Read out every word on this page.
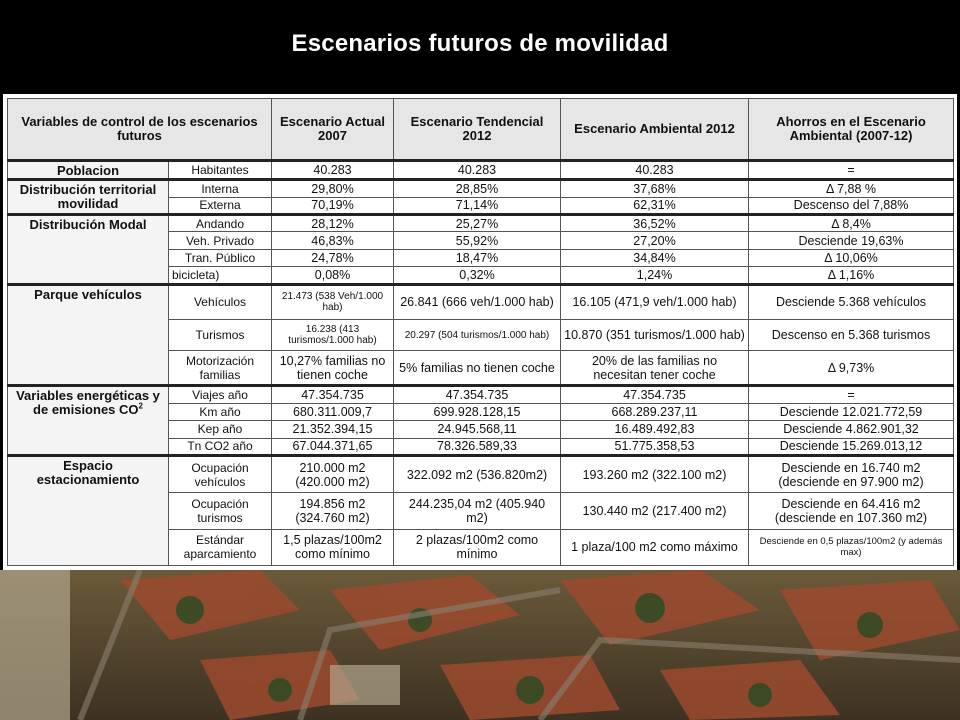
Escenarios futuros de movilidad
Variables de control de los escenarios futuros		Escenario Actual 2007	Escenario Tendencial 2012	Escenario Ambiental 2012	Ahorros en el Escenario Ambiental (2007-12)
Poblacion	Habitantes	40.283	40.283	40.283	=
Distribución territorial movilidad	Interna	29,80%	28,85%	37,68%	Δ 7,88 %
	Externa	70,19%	71,14%	62,31%	Descenso del 7,88%
Distribución Modal	Andando	28,12%	25,27%	36,52%	Δ 8,4%
	Veh. Privado	46,83%	55,92%	27,20%	Desciende 19,63%
	Tran. Público	24,78%	18,47%	34,84%	Δ 10,06%
	bicicleta)	0,08%	0,32%	1,24%	Δ 1,16%
Parque vehículos	Vehículos	21.473 (538 Veh/1.000 hab)	26.841 (666 veh/1.000 hab)	16.105 (471,9 veh/1.000 hab)	Desciende 5.368 vehículos
	Turismos	16.238 (413 turismos/1.000 hab)	20.297 (504 turismos/1.000 hab)	10.870 (351 turismos/1.000 hab)	Descenso en 5.368 turismos
	Motorización familias	10,27% familias no tienen coche	5% familias no tienen coche	20% de las familias no necesitan tener coche	Δ 9,73%
Variables energéticas y de emisiones $CO^2$	Viajes año	47.354.735	47.354.735	47.354.735	=
	Km año	680.311.009,7	699.928.128,15	668.289.237,11	Desciende 12.021.772,59
	Kep año	21.352.394,15	24.945.568,11	16.489.492,83	Desciende 4.862.901,32
	Tn CO2 año	67.044.371,65	78.326.589,33	51.775.358,53	Desciende 15.269.013,12
Espacio estacionamiento	Ocupación vehículos	210.000 m2 (420.000 m2)	322.092 m2 (536.820m2)	193.260 m2 (322.100 m2)	Desciende en 16.740 m2 (desciende en 97.900 m2)
	Ocupación turismos	194.856 m2 (324.760 m2)	244.235,04 m2 (405.940 m2)	130.440 m2 (217.400 m2)	Desciende en 64.416 m2 (desciende en 107.360 m2)
	Estándar aparcamiento	1,5 plazas/100m2 como mínimo	2 plazas/100m2 como mínimo	1 plaza/100 m2 como máximo	Desciende en 0,5 plazas/100m2 (y además max)
